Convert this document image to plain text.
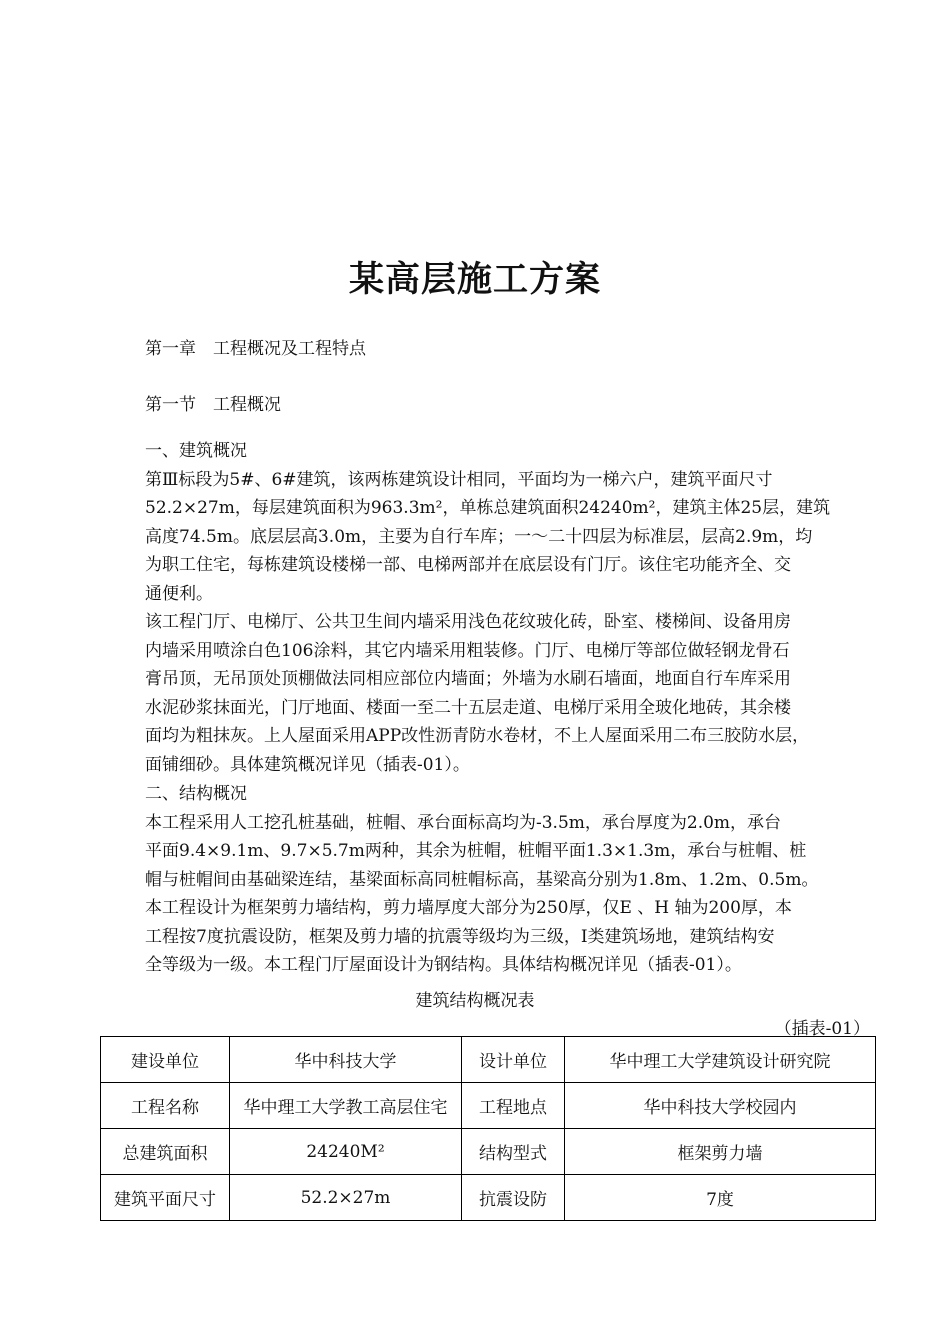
某高层施工方案
第一章　工程概况及工程特点
第一节　工程概况
一、建筑概况
第Ⅲ标段为5#、6#建筑，该两栋建筑设计相同，平面均为一梯六户，建筑平面尺寸
52.2×27m，每层建筑面积为963.3m²，单栋总建筑面积24240m²，建筑主体25层，建筑
高度74.5m。底层层高3.0m，主要为自行车库；一～二十四层为标准层，层高2.9m，均
为职工住宅，每栋建筑设楼梯一部、电梯两部并在底层设有门厅。该住宅功能齐全、交
通便利。
该工程门厅、电梯厅、公共卫生间内墙采用浅色花纹玻化砖，卧室、楼梯间、设备用房
内墙采用喷涂白色106涂料，其它内墙采用粗装修。门厅、电梯厅等部位做轻钢龙骨石
膏吊顶，无吊顶处顶棚做法同相应部位内墙面；外墙为水刷石墙面，地面自行车库采用
水泥砂浆抹面光，门厅地面、楼面一至二十五层走道、电梯厅采用全玻化地砖，其余楼
面均为粗抹灰。上人屋面采用APP改性沥青防水卷材，不上人屋面采用二布三胶防水层，
面铺细砂。具体建筑概况详见（插表-01）。
二、结构概况
本工程采用人工挖孔桩基础，桩帽、承台面标高均为-3.5m，承台厚度为2.0m，承台
平面9.4×9.1m、9.7×5.7m两种，其余为桩帽，桩帽平面1.3×1.3m，承台与桩帽、桩
帽与桩帽间由基础梁连结，基梁面标高同桩帽标高，基梁高分别为1.8m、1.2m、0.5m。
本工程设计为框架剪力墙结构，剪力墙厚度大部分为250厚，仅E 、H 轴为200厚，本
工程按7度抗震设防，框架及剪力墙的抗震等级均为三级，Ⅰ类建筑场地，建筑结构安
全等级为一级。本工程门厅屋面设计为钢结构。具体结构概况详见（插表-01）。
建筑结构概况表
（插表-01）
建设单位	华中科技大学	设计单位	华中理工大学建筑设计研究院
工程名称	华中理工大学教工高层住宅	工程地点	华中科技大学校园内
总建筑面积	24240M²	结构型式	框架剪力墙
建筑平面尺寸	52.2×27m	抗震设防	7度
